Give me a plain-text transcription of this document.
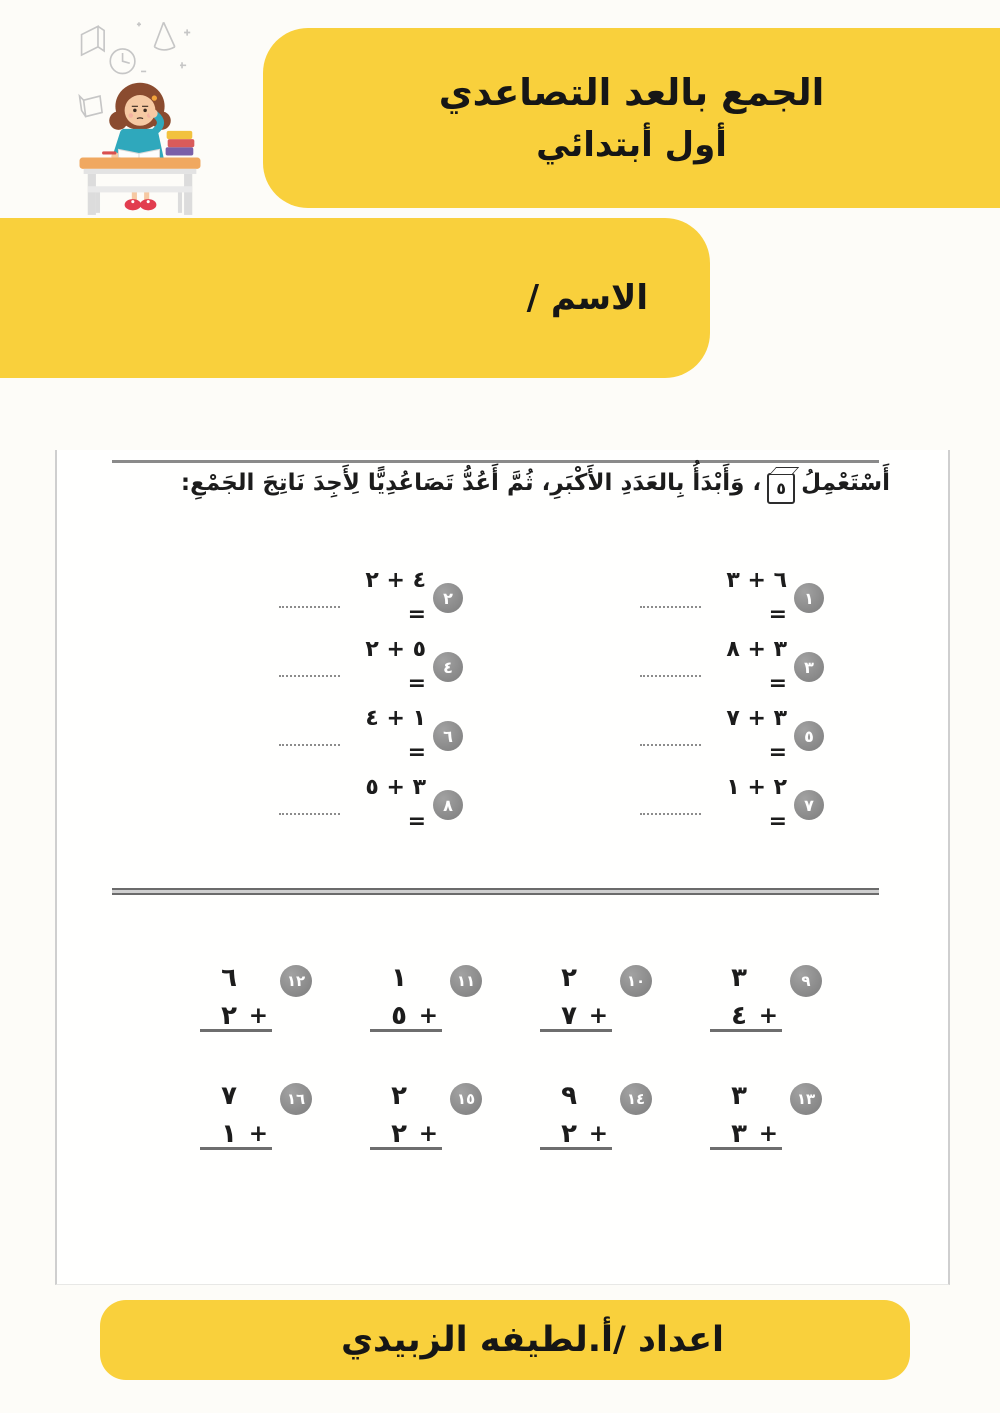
الجمع بالعد التصاعدي
أول أبتدائي
الاسم /
أَسْتَعْمِلُ٥، وَأَبْدَأُ بِالعَدَدِ الأَكْبَرِ، ثُمَّ أَعُدُّ تَصَاعُدِيًّا لِأَجِدَ نَاتِجَ الجَمْعِ:
١
٦ + ٣ =
٢
٤ + ٢ =
٣
٣ + ٨ =
٤
٥ + ٢ =
٥
٣ + ٧ =
٦
١ + ٤ =
٧
٢ + ١ =
٨
٣ + ٥ =
٩
٣
+
٤
١٠
٢
+
٧
١١
١
+
٥
١٢
٦
+
٢
١٣
٣
+
٣
١٤
٩
+
٢
١٥
٢
+
٢
١٦
٧
+
١
اعداد /أ.لطيفه الزبيدي
